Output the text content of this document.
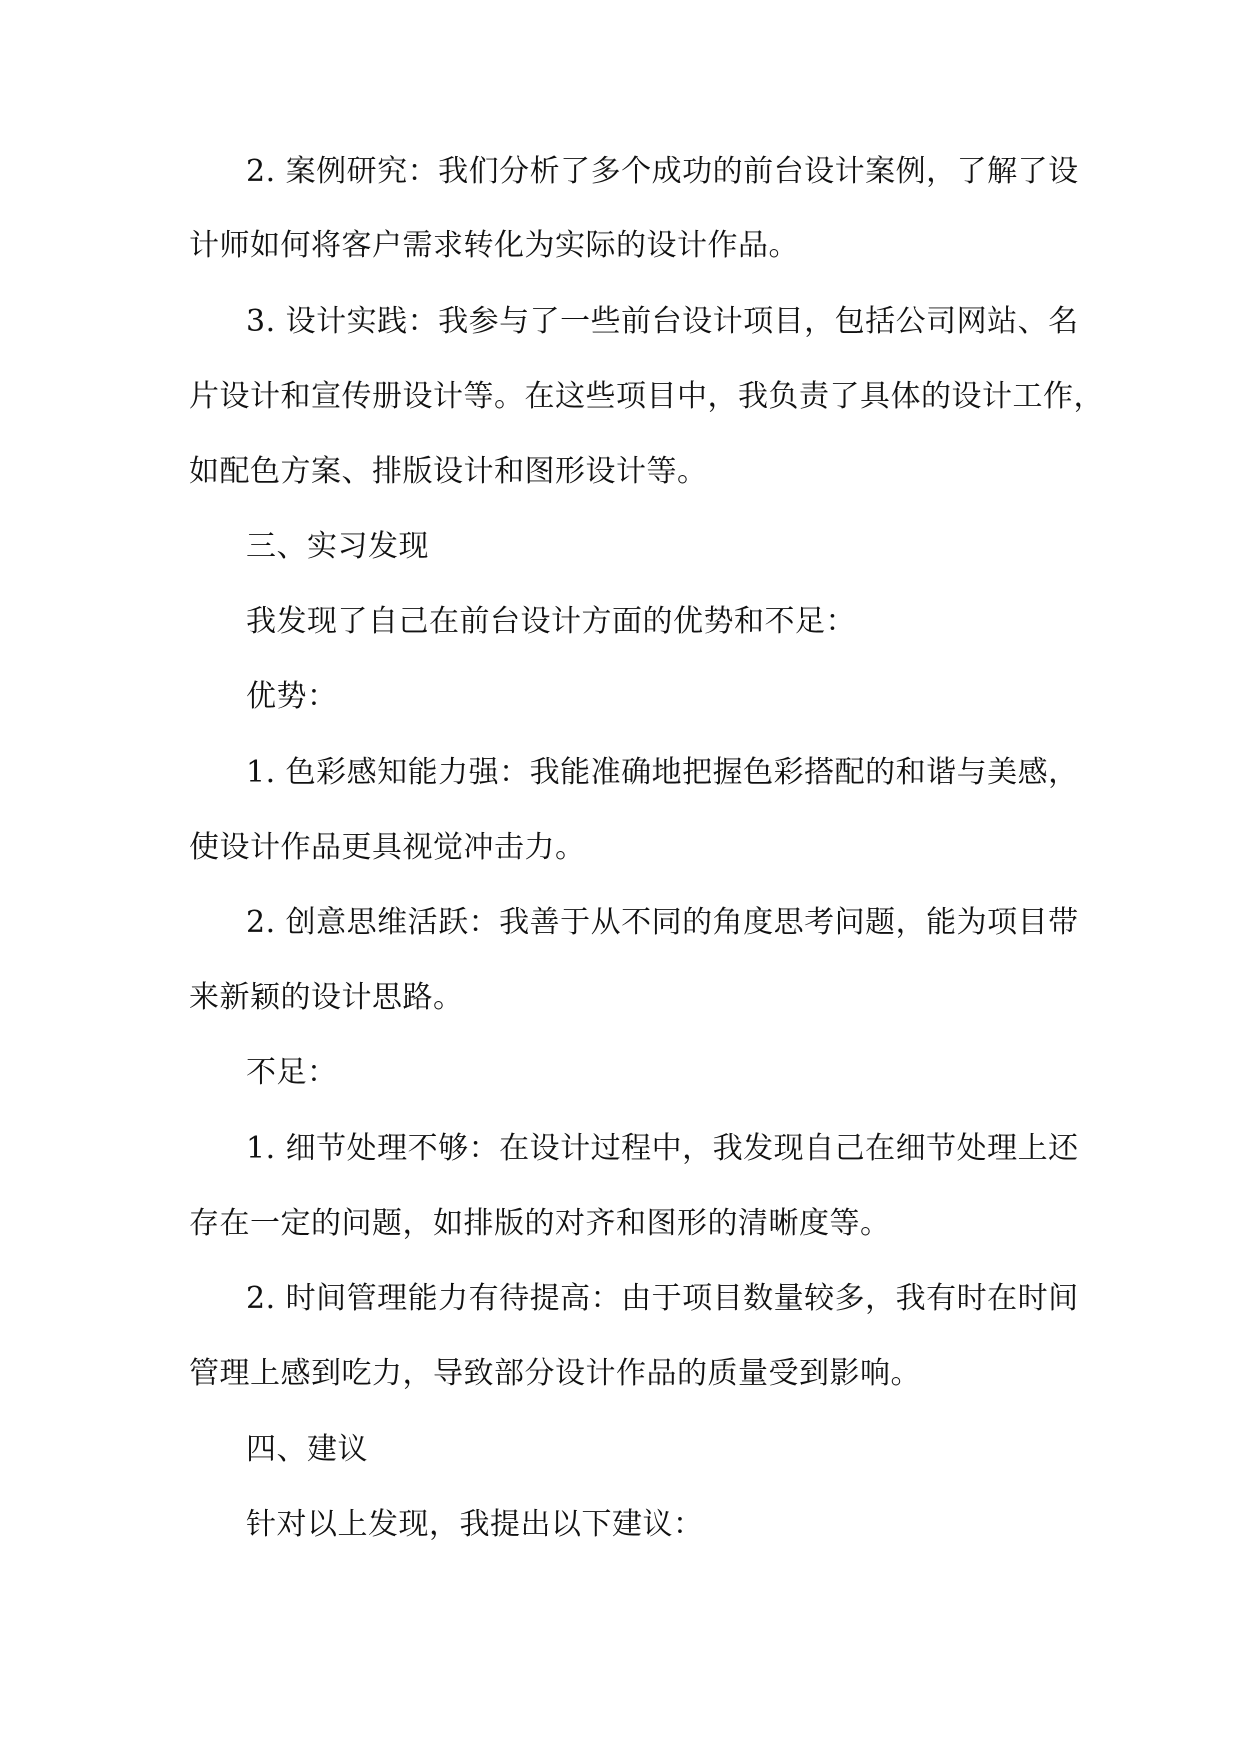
2. 案例研究：我们分析了多个成功的前台设计案例，了解了设
计师如何将客户需求转化为实际的设计作品。
3. 设计实践：我参与了一些前台设计项目，包括公司网站、名
片设计和宣传册设计等。在这些项目中，我负责了具体的设计工作，
如配色方案、排版设计和图形设计等。
三、实习发现
我发现了自己在前台设计方面的优势和不足：
优势：
1. 色彩感知能力强：我能准确地把握色彩搭配的和谐与美感，
使设计作品更具视觉冲击力。
2. 创意思维活跃：我善于从不同的角度思考问题，能为项目带
来新颖的设计思路。
不足：
1. 细节处理不够：在设计过程中，我发现自己在细节处理上还
存在一定的问题，如排版的对齐和图形的清晰度等。
2. 时间管理能力有待提高：由于项目数量较多，我有时在时间
管理上感到吃力，导致部分设计作品的质量受到影响。
四、建议
针对以上发现，我提出以下建议：
